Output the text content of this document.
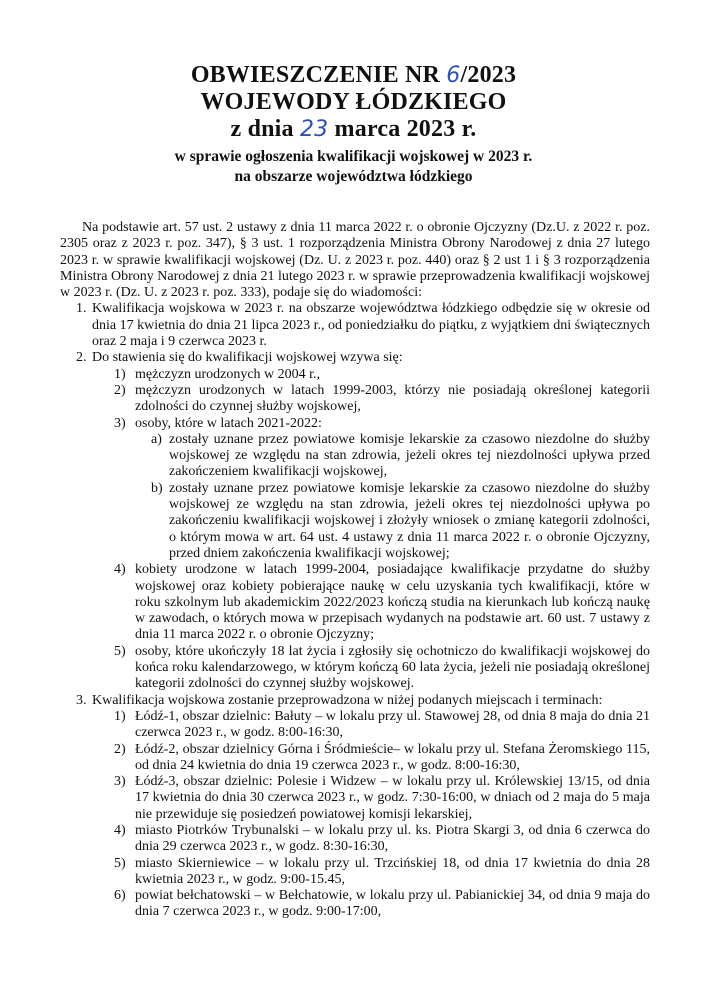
OBWIESZCZENIE NR 6/2023
WOJEWODY ŁÓDZKIEGO
z dnia 23 marca 2023 r.
w sprawie ogłoszenia kwalifikacji wojskowej w 2023 r.
na obszarze województwa łódzkiego

Na podstawie art. 57 ust. 2 ustawy z dnia 11 marca 2022 r. o obronie Ojczyzny (Dz.U. z 2022 r. poz. 2305 oraz z 2023 r. poz. 347), § 3 ust. 1 rozporządzenia Ministra Obrony Narodowej z dnia 27 lutego 2023 r. w sprawie kwalifikacji wojskowej (Dz. U. z 2023 r. poz. 440) oraz § 2 ust 1 i § 3 rozporządzenia Ministra Obrony Narodowej z dnia 21 lutego 2023 r. w sprawie przeprowadzenia kwalifikacji wojskowej w 2023 r. (Dz. U. z 2023 r. poz. 333), podaje się do wiadomości:

1. Kwalifikacja wojskowa w 2023 r. na obszarze województwa łódzkiego odbędzie się w okresie od dnia 17 kwietnia do dnia 21 lipca 2023 r., od poniedziałku do piątku, z wyjątkiem dni świątecznych oraz 2 maja i 9 czerwca 2023 r.
2. Do stawienia się do kwalifikacji wojskowej wzywa się:
1) mężczyzn urodzonych w 2004 r.,
2) mężczyzn urodzonych w latach 1999-2003, którzy nie posiadają określonej kategorii zdolności do czynnej służby wojskowej,
3) osoby, które w latach 2021-2022:
a) zostały uznane przez powiatowe komisje lekarskie za czasowo niezdolne do służby wojskowej ze względu na stan zdrowia, jeżeli okres tej niezdolności upływa przed zakończeniem kwalifikacji wojskowej,
b) zostały uznane przez powiatowe komisje lekarskie za czasowo niezdolne do służby wojskowej ze względu na stan zdrowia, jeżeli okres tej niezdolności upływa po zakończeniu kwalifikacji wojskowej i złożyły wniosek o zmianę kategorii zdolności, o którym mowa w art. 64 ust. 4 ustawy z dnia 11 marca 2022 r. o obronie Ojczyzny, przed dniem zakończenia kwalifikacji wojskowej;
4) kobiety urodzone w latach 1999-2004, posiadające kwalifikacje przydatne do służby wojskowej oraz kobiety pobierające naukę w celu uzyskania tych kwalifikacji, które w roku szkolnym lub akademickim 2022/2023 kończą studia na kierunkach lub kończą naukę w zawodach, o których mowa w przepisach wydanych na podstawie art. 60 ust. 7 ustawy z dnia 11 marca 2022 r. o obronie Ojczyzny;
5) osoby, które ukończyły 18 lat życia i zgłosiły się ochotniczo do kwalifikacji wojskowej do końca roku kalendarzowego, w którym kończą 60 lata życia, jeżeli nie posiadają określonej kategorii zdolności do czynnej służby wojskowej.
3. Kwalifikacja wojskowa zostanie przeprowadzona w niżej podanych miejscach i terminach:
1) Łódź-1, obszar dzielnic: Bałuty – w lokalu przy ul. Stawowej 28, od dnia 8 maja do dnia 21 czerwca 2023 r., w godz. 8:00-16:30,
2) Łódź-2, obszar dzielnicy Górna i Śródmieście– w lokalu przy ul. Stefana Żeromskiego 115, od dnia 24 kwietnia do dnia 19 czerwca 2023 r., w godz. 8:00-16:30,
3) Łódź-3, obszar dzielnic: Polesie i Widzew – w lokalu przy ul. Królewskiej 13/15, od dnia 17 kwietnia do dnia 30 czerwca 2023 r., w godz. 7:30-16:00, w dniach od 2 maja do 5 maja nie przewiduje się posiedzeń powiatowej komisji lekarskiej,
4) miasto Piotrków Trybunalski – w lokalu przy ul. ks. Piotra Skargi 3, od dnia 6 czerwca do dnia 29 czerwca 2023 r., w godz. 8:30-16:30,
5) miasto Skierniewice – w lokalu przy ul. Trzcińskiej 18, od dnia 17 kwietnia do dnia 28 kwietnia 2023 r., w godz. 9:00-15.45,
6) powiat bełchatowski – w Bełchatowie, w lokalu przy ul. Pabianickiej 34, od dnia 9 maja do dnia 7 czerwca 2023 r., w godz. 9:00-17:00,
